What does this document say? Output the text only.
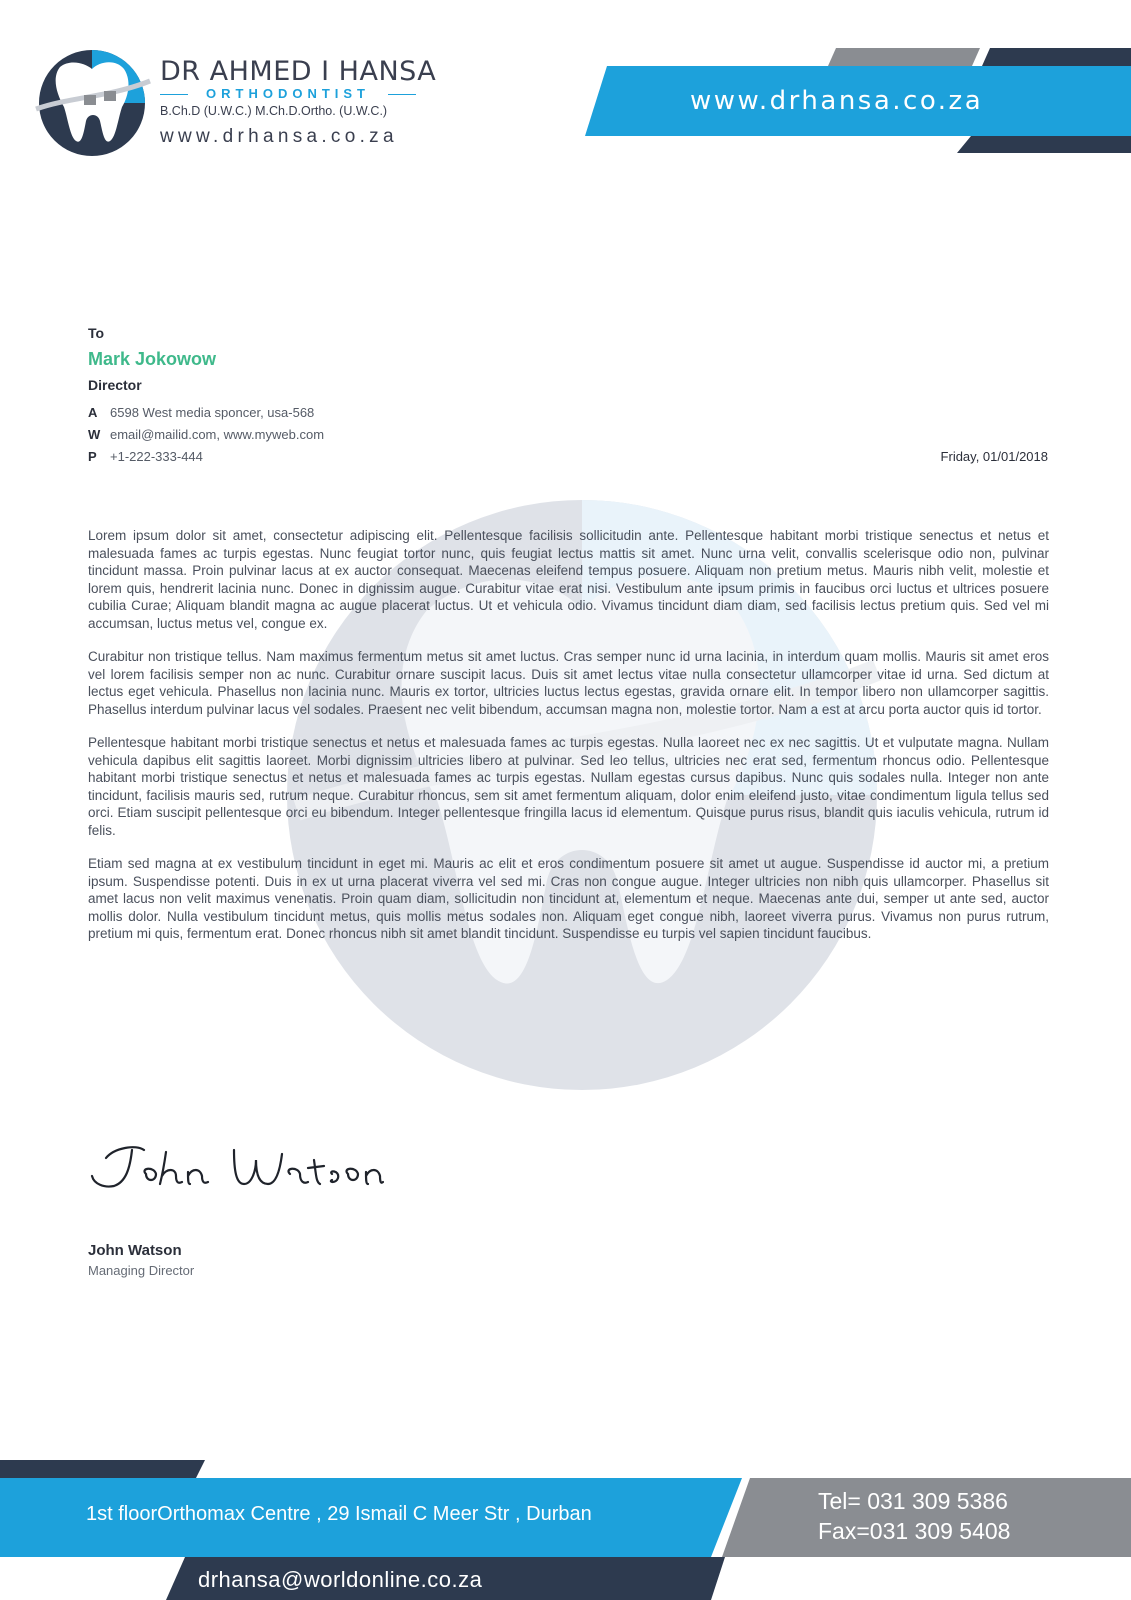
DR AHMED I HANSA
ORTHODONTIST
B.Ch.D (U.W.C.) M.Ch.D.Ortho. (U.W.C.)
www.drhansa.co.za
www.drhansa.co.za
To
Mark Jokowow
Director
A 6598 West media sponcer, usa-568
W email@mailid.com, www.myweb.com
P +1-222-333-444	Friday, 01/01/2018

Lorem ipsum dolor sit amet, consectetur adipiscing elit. Pellentesque facilisis sollicitudin ante. Pellentesque habitant morbi tristique senectus et netus et malesuada fames ac turpis egestas. Nunc feugiat tortor nunc, quis feugiat lectus mattis sit amet. Nunc urna velit, convallis scelerisque odio non, pulvinar tincidunt massa. Proin pulvinar lacus at ex auctor consequat. Maecenas eleifend tempus posuere. Aliquam non pretium metus. Mauris nibh velit, molestie et lorem quis, hendrerit lacinia nunc. Donec in dignissim augue. Curabitur vitae erat nisi. Vestibulum ante ipsum primis in faucibus orci luctus et ultrices posuere cubilia Curae; Aliquam blandit magna ac augue placerat luctus. Ut et vehicula odio. Vivamus tincidunt diam diam, sed facilisis lectus pretium quis. Sed vel mi accumsan, luctus metus vel, congue ex.

Curabitur non tristique tellus. Nam maximus fermentum metus sit amet luctus. Cras semper nunc id urna lacinia, in interdum quam mollis. Mauris sit amet eros vel lorem facilisis semper non ac nunc. Curabitur ornare suscipit lacus. Duis sit amet lectus vitae nulla consectetur ullamcorper vitae id urna. Sed dictum at lectus eget vehicula. Phasellus non lacinia nunc. Mauris ex tortor, ultricies luctus lectus egestas, gravida ornare elit. In tempor libero non ullamcorper sagittis. Phasellus interdum pulvinar lacus vel sodales. Praesent nec velit bibendum, accumsan magna non, molestie tortor. Nam a est at arcu porta auctor quis id tortor.

Pellentesque habitant morbi tristique senectus et netus et malesuada fames ac turpis egestas. Nulla laoreet nec ex nec sagittis. Ut et vulputate magna. Nullam vehicula dapibus elit sagittis laoreet. Morbi dignissim ultricies libero at pulvinar. Sed leo tellus, ultricies nec erat sed, fermentum rhoncus odio. Pellentesque habitant morbi tristique senectus et netus et malesuada fames ac turpis egestas. Nullam egestas cursus dapibus. Nunc quis sodales nulla. Integer non ante tincidunt, facilisis mauris sed, rutrum neque. Curabitur rhoncus, sem sit amet fermentum aliquam, dolor enim eleifend justo, vitae condimentum ligula tellus sed orci. Etiam suscipit pellentesque orci eu bibendum. Integer pellentesque fringilla lacus id elementum. Quisque purus risus, blandit quis iaculis vehicula, rutrum id felis.

Etiam sed magna at ex vestibulum tincidunt in eget mi. Mauris ac elit et eros condimentum posuere sit amet ut augue. Suspendisse id auctor mi, a pretium ipsum. Suspendisse potenti. Duis in ex ut urna placerat viverra vel sed mi. Cras non congue augue. Integer ultricies non nibh quis ullamcorper. Phasellus sit amet lacus non velit maximus venenatis. Proin quam diam, sollicitudin non tincidunt at, elementum et neque. Maecenas ante dui, semper ut ante sed, auctor mollis dolor. Nulla vestibulum tincidunt metus, quis mollis metus sodales non. Aliquam eget congue nibh, laoreet viverra purus. Vivamus non purus rutrum, pretium mi quis, fermentum erat. Donec rhoncus nibh sit amet blandit tincidunt. Suspendisse eu turpis vel sapien tincidunt faucibus.

John Watson
Managing Director
1st floorOrthomax Centre , 29 Ismail C Meer Str , Durban	Tel= 031 309 5386
Fax=031 309 5408
drhansa@worldonline.co.za
